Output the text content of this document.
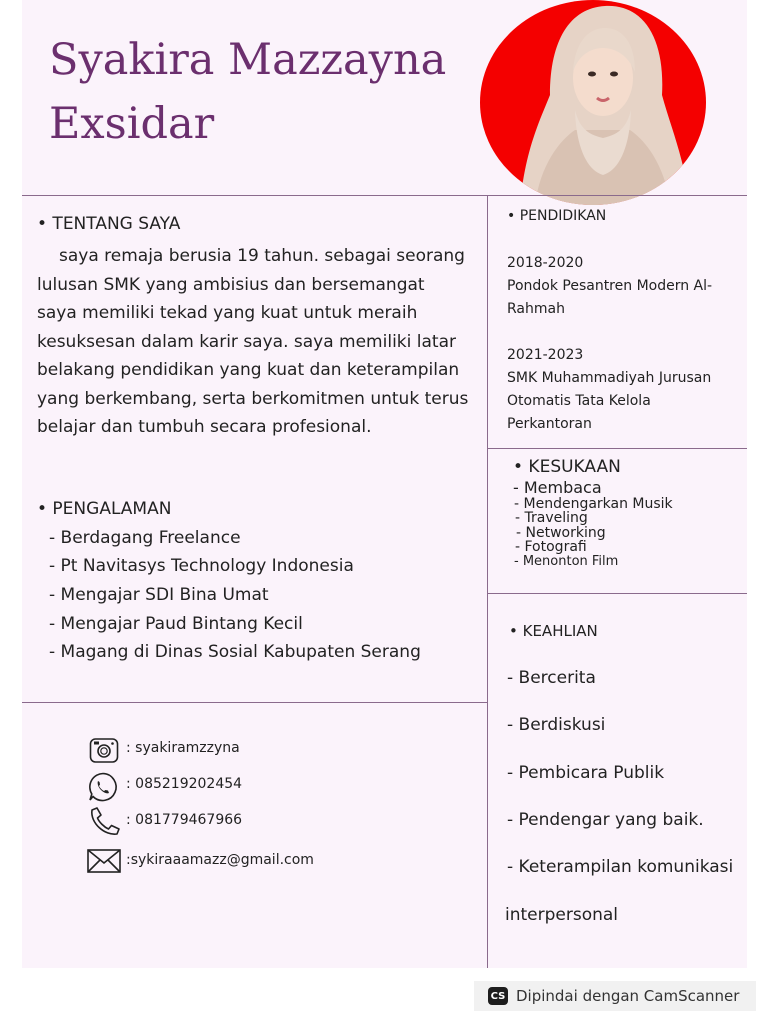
Syakira Mazzayna
Exsidar
• TENTANG SAYA
saya remaja berusia 19 tahun. sebagai seorang lulusan SMK yang ambisius dan bersemangat saya memiliki tekad yang kuat untuk meraih kesuksesan dalam karir saya. saya memiliki latar belakang pendidikan yang kuat dan keterampilan yang berkembang, serta berkomitmen untuk terus belajar dan tumbuh secara profesional.
• PENGALAMAN
- Berdagang Freelance
- Pt Navitasys Technology Indonesia
- Mengajar SDI Bina Umat
- Mengajar Paud Bintang Kecil
- Magang di Dinas Sosial Kabupaten Serang
: syakiramzzyna
: 085219202454
: 081779467966
:sykiraaamazz@gmail.com
• PENDIDIKAN
2018-2020
Pondok Pesantren Modern Al-
Rahmah
2021-2023
SMK Muhammadiyah Jurusan
Otomatis Tata Kelola
Perkantoran
• KESUKAAN
- Membaca
- Mendengarkan Musik
- Traveling
- Networking
- Fotografi
- Menonton Film
• KEAHLIAN
- Bercerita
- Berdiskusi
- Pembicara Publik
- Pendengar yang baik.
- Keterampilan komunikasi
interpersonal
CS Dipindai dengan CamScanner
